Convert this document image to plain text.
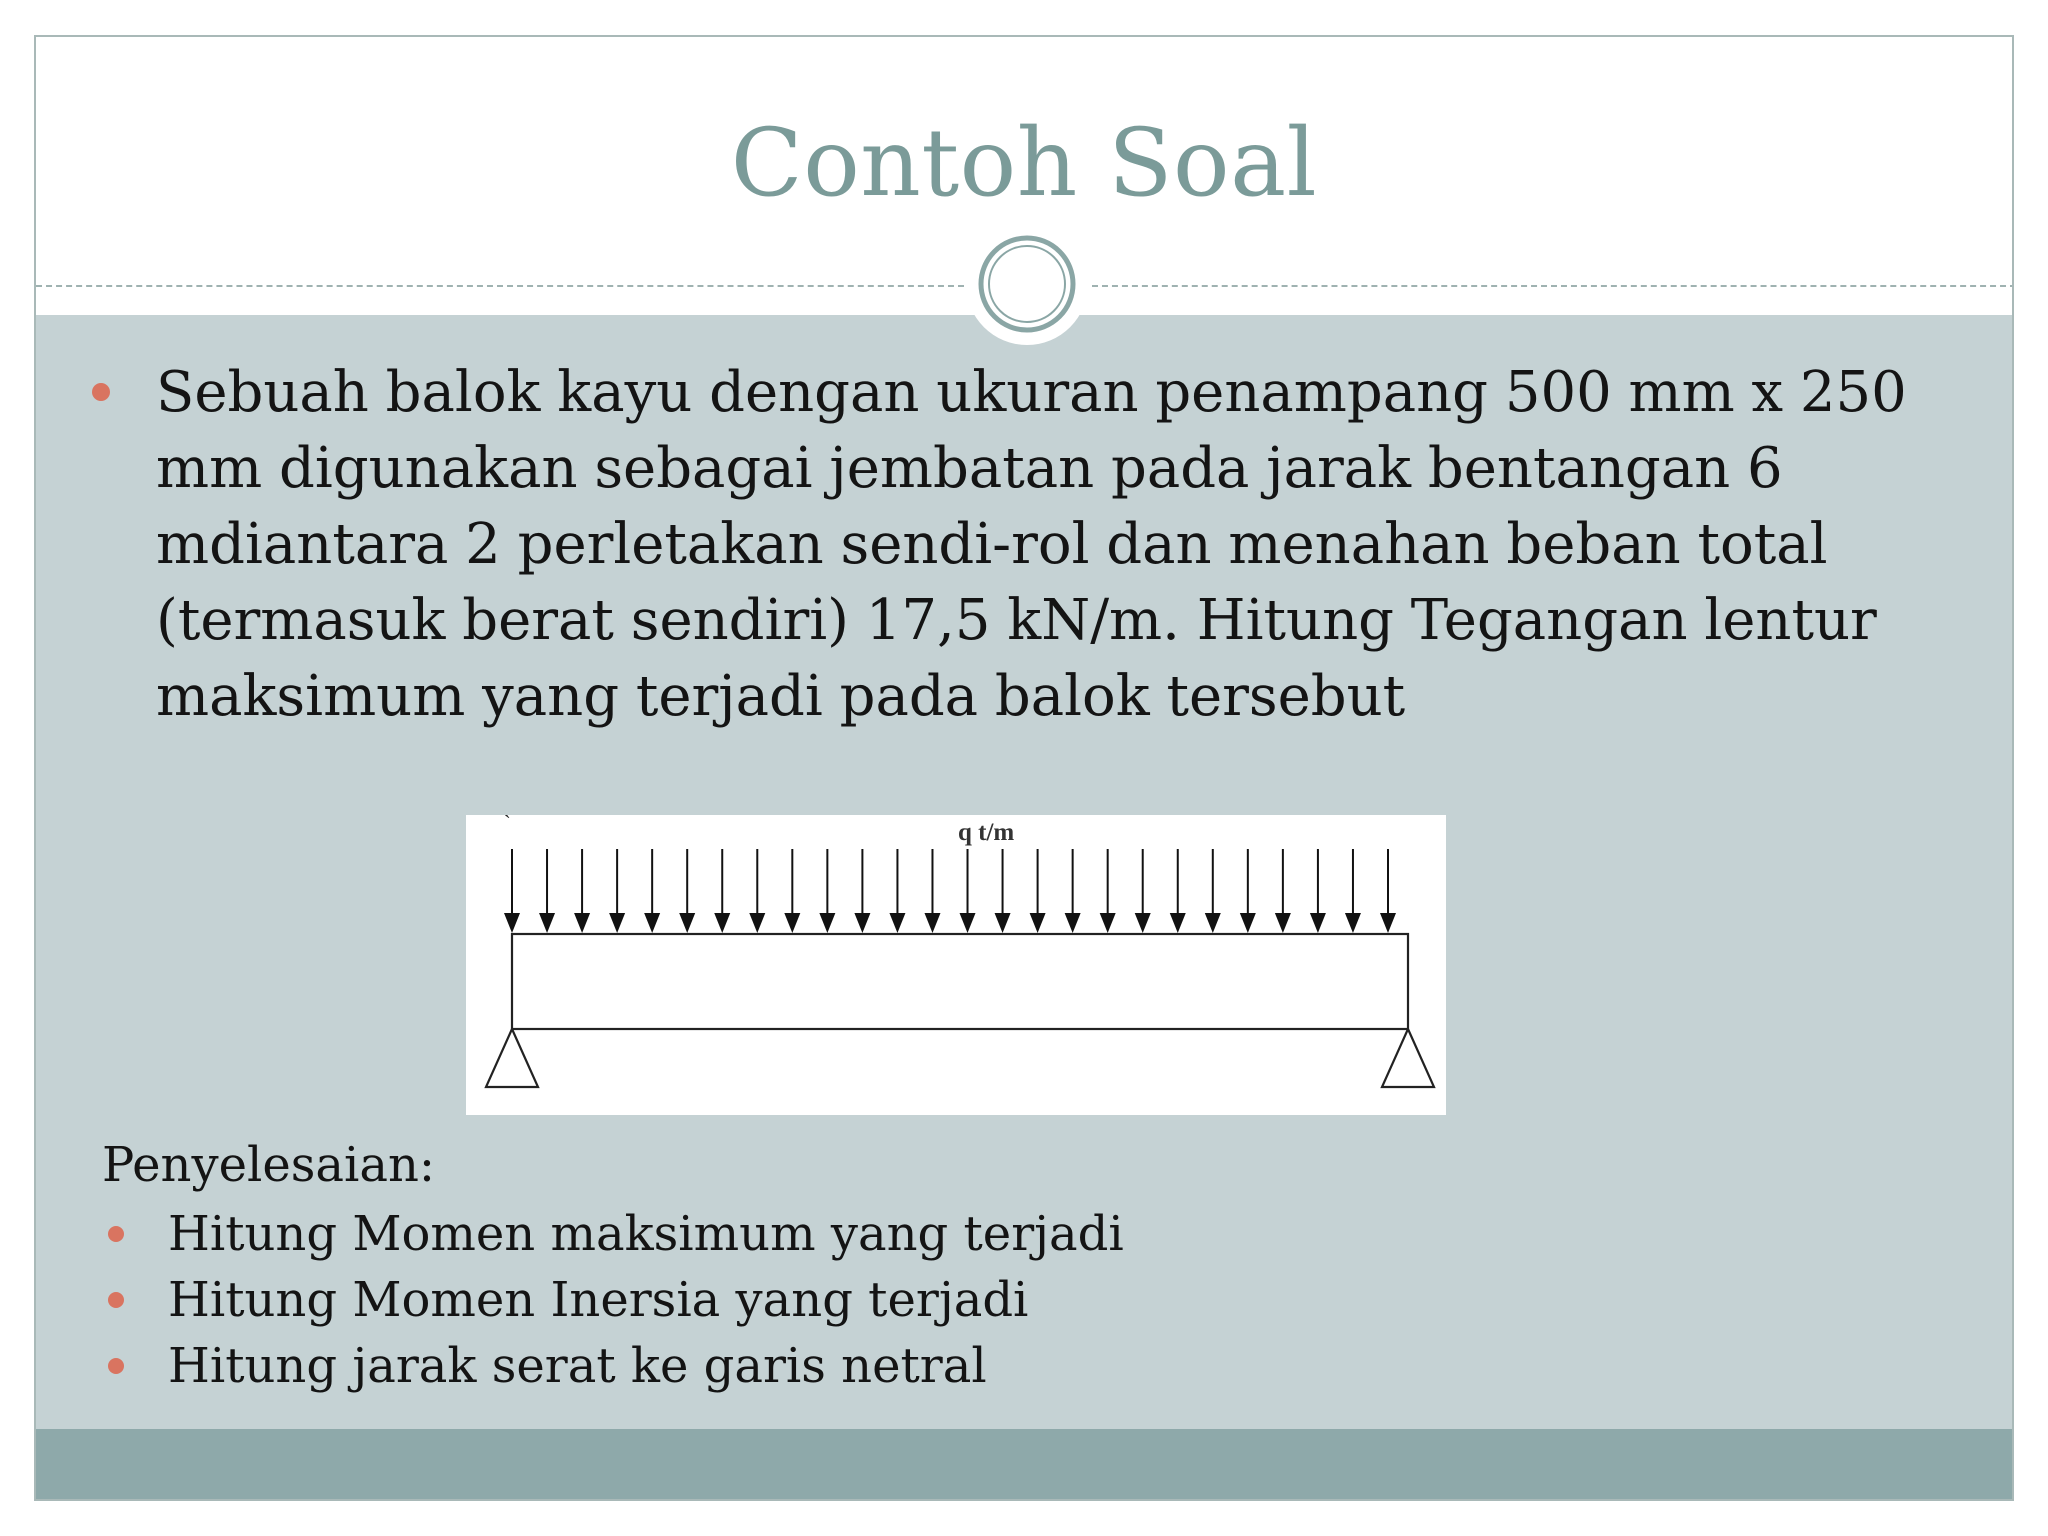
Contoh Soal
Sebuah balok kayu dengan ukuran penampang 500 mm x 250 mm digunakan sebagai jembatan pada jarak bentangan 6 mdiantara 2 perletakan sendi-rol dan menahan beban total (termasuk berat sendiri) 17,5 kN/m. Hitung Tegangan lentur maksimum yang terjadi pada balok tersebut
`	q t/m
Penyelesaian:
Hitung Momen maksimum yang terjadi
Hitung Momen Inersia yang terjadi
Hitung jarak serat ke garis netral
